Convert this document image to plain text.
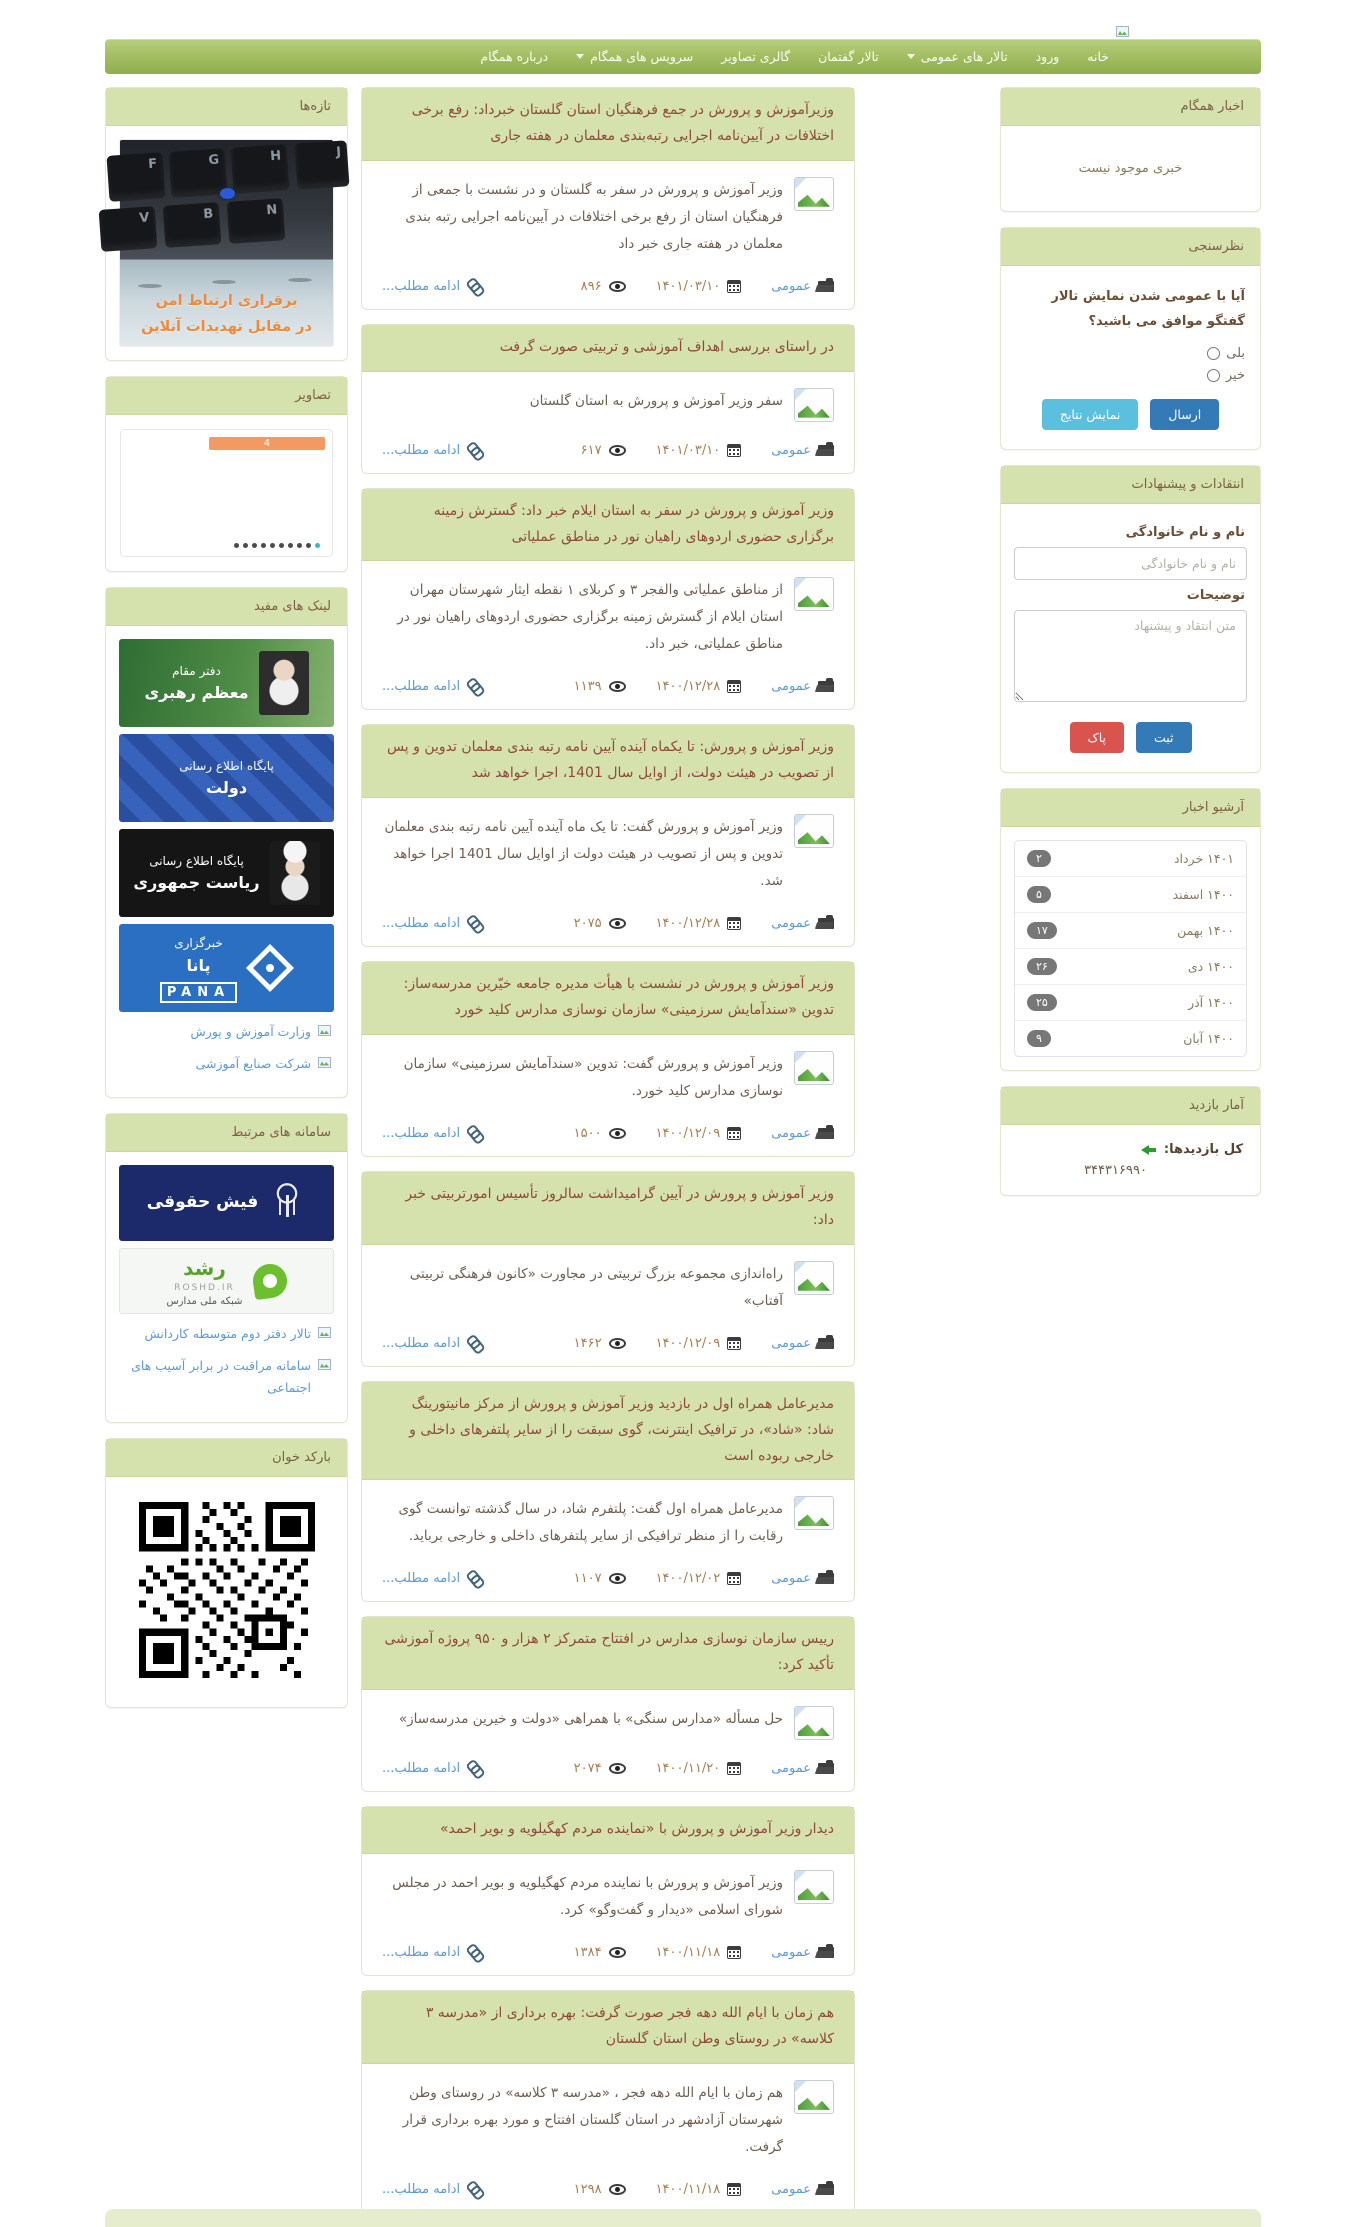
خانه
ورود
تالار های عمومی
تالار گفتمان
گالری تصاویر
سرویس های همگام
درباره همگام
اخبار همگام
خبری موجود نیست
نظرسنجی
آیا با عمومی شدن نمایش تالار گفتگو موافق می باشید؟
بلی
خیر
ارسال
نمایش نتایج
انتقادات و پیشنهادات
نام و نام خانوادگی
نام و نام خانوادگی
توضیحات
متن انتقاد و پیشنهاد
ثبت
پاک
آرشیو اخبار
۱۴۰۱ خرداد
۲
۱۴۰۰ اسفند
۵
۱۴۰۰ بهمن
۱۷
۱۴۰۰ دی
۲۶
۱۴۰۰ آذر
۲۵
۱۴۰۰ آبان
۹
آمار بازدید
کل بازدیدها:
۳۴۴۳۱۶۹۹۰
وزیرآموزش و پرورش در جمع فرهنگیان استان گلستان خبرداد: رفع برخی اختلافات در آیین‌نامه اجرایی رتبه‌بندی معلمان در هفته جاری

وزیر آموزش و پرورش در سفر به گلستان و در نشست با جمعی از فرهنگیان استان از رفع برخی اختلافات در آیین‌نامه اجرایی رتبه بندی معلمان در هفته جاری خبر داد

عمومی
۱۴۰۱/۰۳/۱۰
۸۹۶
ادامه مطلب...
در راستای بررسی اهداف آموزشی و تربیتی صورت گرفت

سفر وزیر آموزش و پرورش به استان گلستان

عمومی
۱۴۰۱/۰۳/۱۰
۶۱۷
ادامه مطلب...
وزیر آموزش و پرورش در سفر به استان ایلام خبر داد: گسترش زمینه برگزاری حضوری اردوهای راهیان نور در مناطق عملیاتی

از مناطق عملیاتی والفجر ۳ و کربلای ۱ نقطه ایثار شهرستان مهران استان ایلام از گسترش زمینه برگزاری حضوری اردوهای راهیان نور در مناطق عملیاتی، خبر داد.

عمومی
۱۴۰۰/۱۲/۲۸
۱۱۳۹
ادامه مطلب...
وزیر آموزش و پرورش: تا یکماه آینده آیین نامه رتبه بندی معلمان تدوین و پس از تصویب در هیئت دولت، از اوایل سال 1401، اجرا خواهد شد

وزیر آموزش و پرورش گفت: تا یک ماه آینده آیین نامه رتبه بندی معلمان تدوین و پس از تصویب در هیئت دولت از اوایل سال 1401 اجرا خواهد شد.

عمومی
۱۴۰۰/۱۲/۲۸
۲۰۷۵
ادامه مطلب...
وزیر آموزش و پرورش در نشست با هیأت مدیره جامعه خیّرین مدرسه‌ساز: تدوین «سندآمایش سرزمینی» سازمان نوسازی مدارس کلید خورد

وزیر آموزش و پرورش گفت: تدوین «سندآمایش سرزمینی» سازمان نوسازی مدارس کلید خورد.

عمومی
۱۴۰۰/۱۲/۰۹
۱۵۰۰
ادامه مطلب...
وزیر آموزش و پرورش در آیین گرامیداشت سالروز تأسیس امورتربیتی خبر داد:

راه‌اندازی مجموعه بزرگ تربیتی در مجاورت «کانون فرهنگی تربیتی آفتاب»

عمومی
۱۴۰۰/۱۲/۰۹
۱۴۶۲
ادامه مطلب...
مدیرعامل همراه اول در بازدید وزیر آموزش و پرورش از مرکز مانیتورینگ شاد: «شاد»، در ترافیک اینترنت، گوی سبقت را از سایر پلتفرهای داخلی و خارجی ربوده است

مدیرعامل همراه اول گفت: پلتفرم شاد، در سال گذشته توانست گوی رقابت را از منظر ترافیکی از سایر پلتفرهای داخلی و خارجی برباید.

عمومی
۱۴۰۰/۱۲/۰۲
۱۱۰۷
ادامه مطلب...
رییس سازمان نوسازی مدارس در افتتاح متمرکز ۲ هزار و ۹۵۰ پروژه آموزشی تأکید کرد:

حل مسأله «مدارس سنگی» با همراهی «دولت و خیرین مدرسه‌ساز»

عمومی
۱۴۰۰/۱۱/۲۰
۲۰۷۴
ادامه مطلب...
دیدار وزیر آموزش و پرورش با «نماینده مردم کهگیلویه و بویر احمد»

وزیر آموزش و پرورش با نماینده مردم کهگیلویه و بویر احمد در مجلس شورای اسلامی «دیدار و گفت‌وگو» کرد.

عمومی
۱۴۰۰/۱۱/۱۸
۱۳۸۴
ادامه مطلب...
هم زمان با ایام الله دهه فجر صورت گرفت: بهره برداری از «مدرسه ۳ کلاسه» در روستای وطن استان گلستان

هم زمان با ایام الله دهه فجر ، «مدرسه ۳ کلاسه» در روستای وطن شهرستان آزادشهر در استان گلستان افتتاح و مورد بهره برداری قرار گرفت.

عمومی
۱۴۰۰/۱۱/۱۸
۱۲۹۸
ادامه مطلب...
تازه‌ها
F	G	H	J
V	B	N
برقراری ارتباط امن
در مقابل تهدیدات آنلاین
تصاویر
4
لینک های مفید
دفتر مقام
معظم رهبری
پایگاه اطلاع رسانی
دولت
پایگاه اطلاع رسانی
ریاست جمهوری
خبرگزاری
پانا
PANA
وزارت آموزش و پورش
شرکت صنایع آموزشی
سامانه های مرتبط
فیش حقوقی
رشد
ROSHD.IR
شبکه ملی مدارس
تالار دفتر دوم متوسطه کاردانش
سامانه مراقبت در برابر آسیب های اجتماعی
بارکد خوان
